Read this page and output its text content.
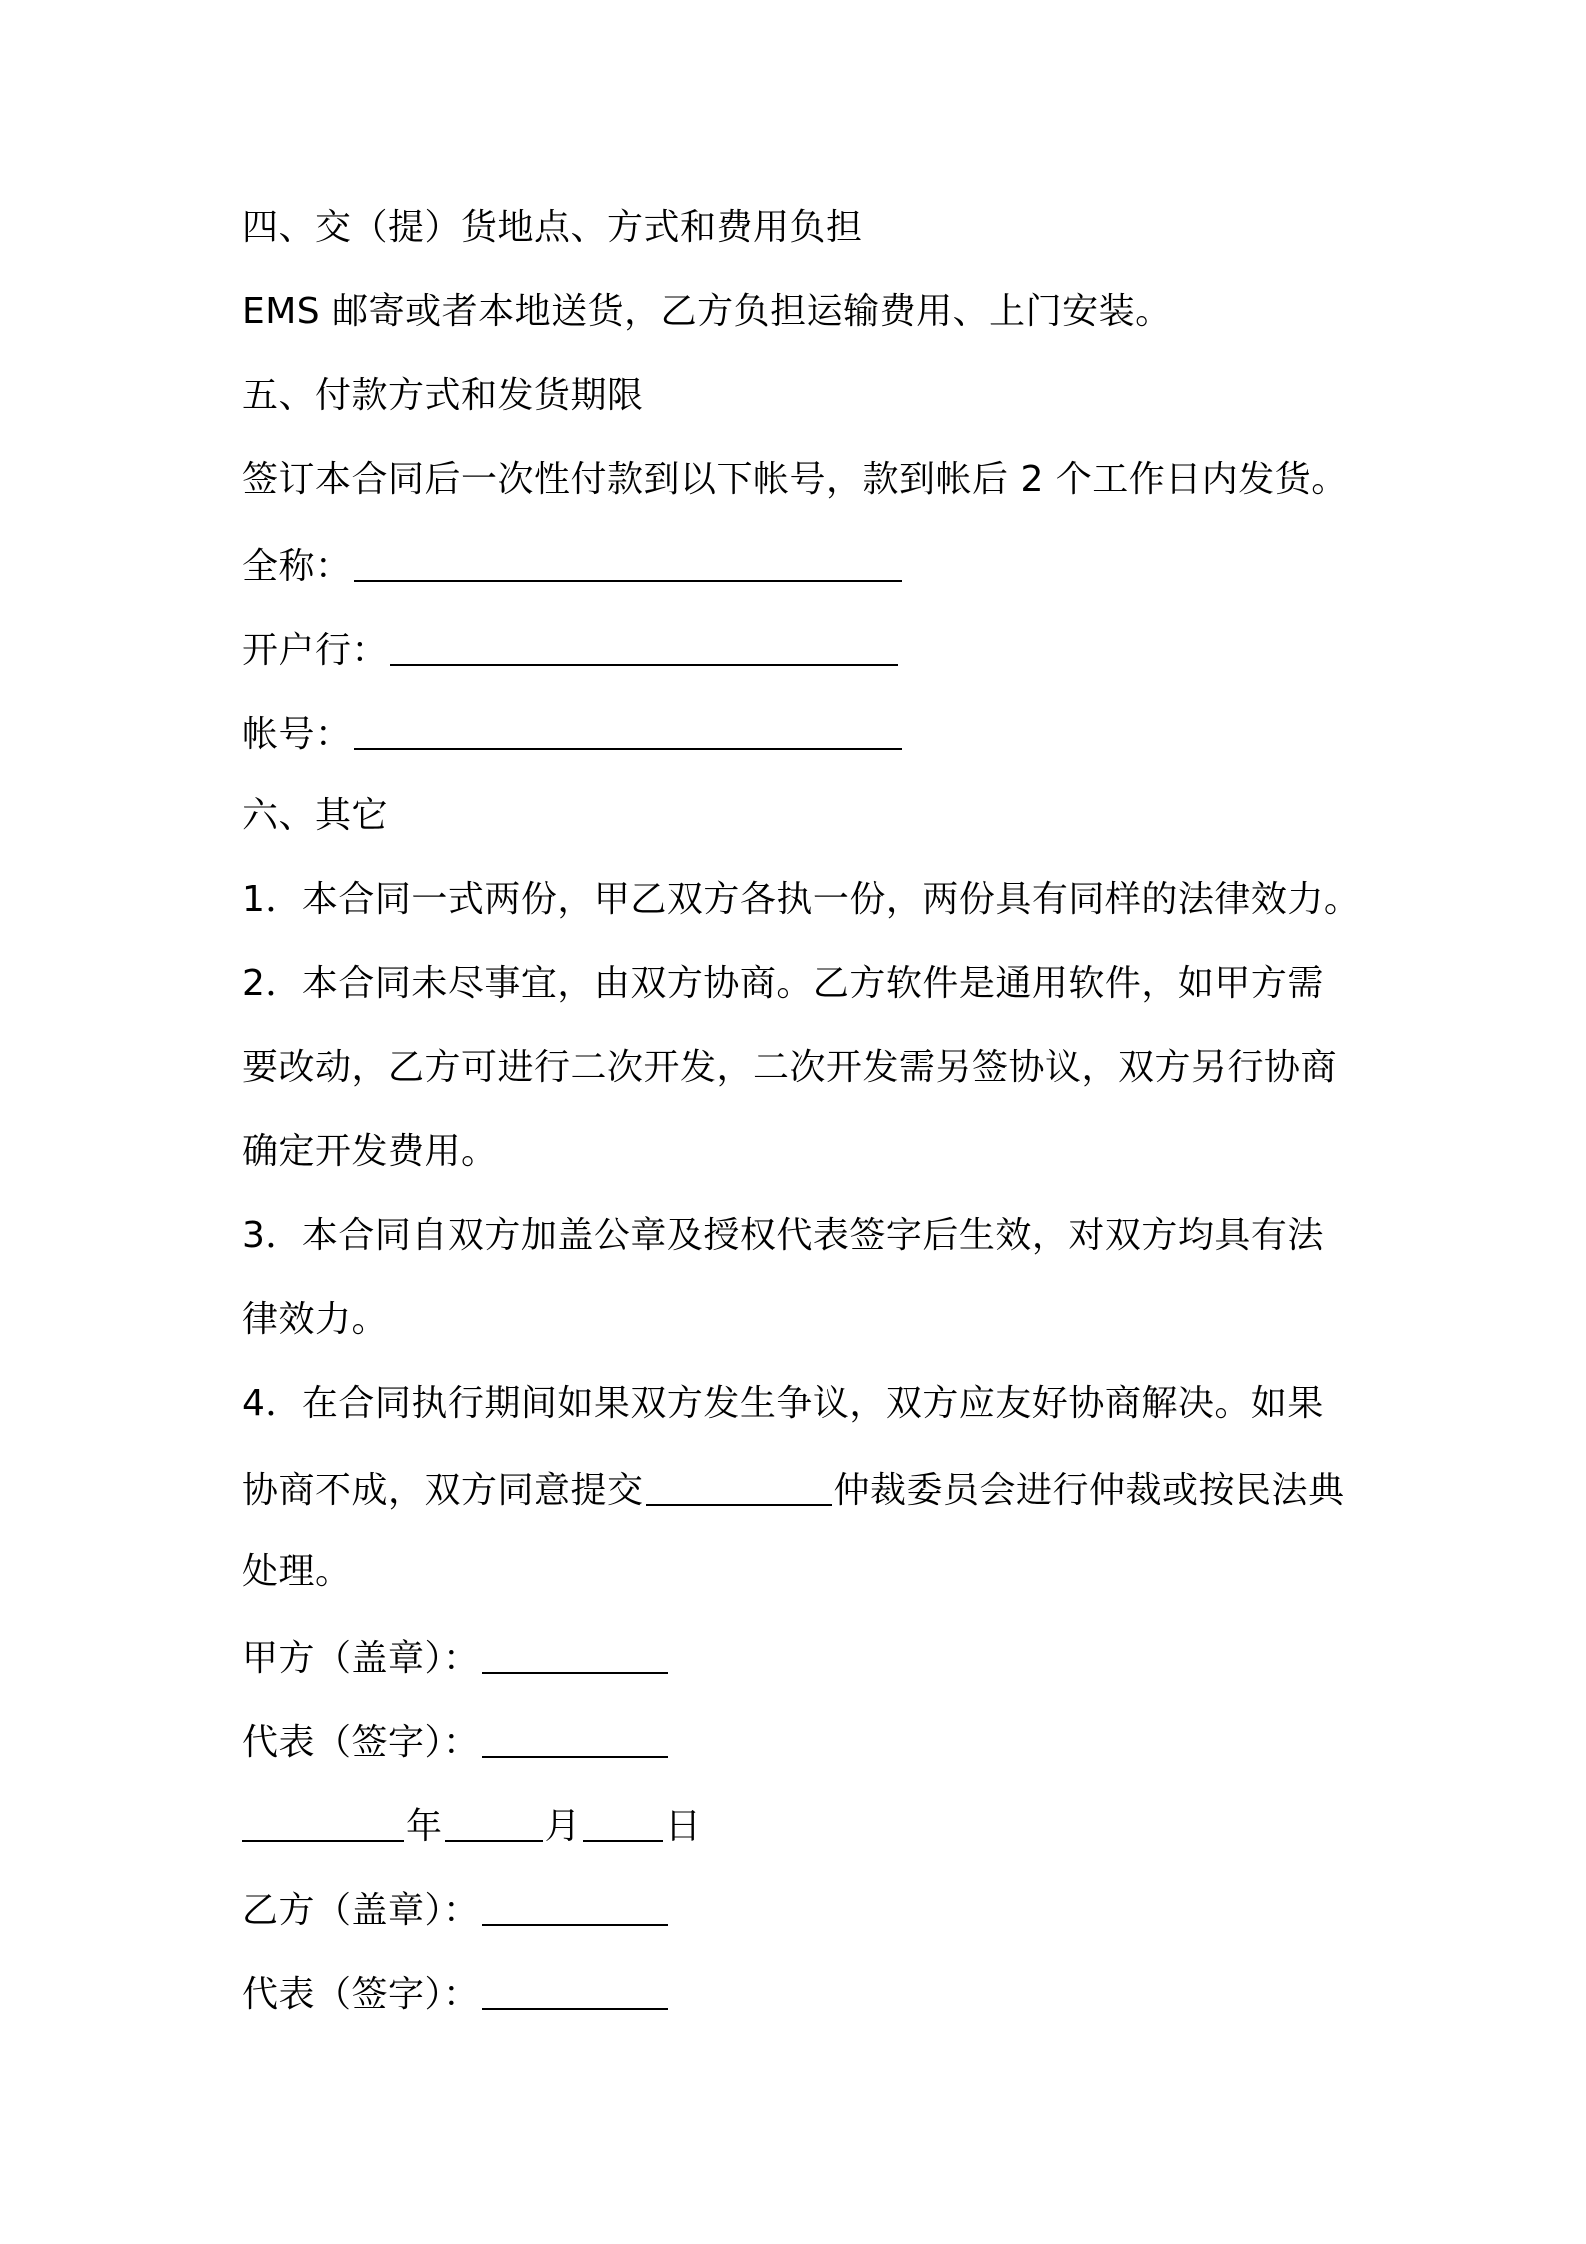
四、交（提）货地点、方式和费用负担
EMS 邮寄或者本地送货，乙方负担运输费用、上门安装。
五、付款方式和发货期限
签订本合同后一次性付款到以下帐号，款到帐后 2 个工作日内发货。
全称：
开户行：
帐号：
六、其它
1．本合同一式两份，甲乙双方各执一份，两份具有同样的法律效力。
2．本合同未尽事宜，由双方协商。乙方软件是通用软件，如甲方需
要改动，乙方可进行二次开发，二次开发需另签协议，双方另行协商
确定开发费用。
3．本合同自双方加盖公章及授权代表签字后生效，对双方均具有法
律效力。
4．在合同执行期间如果双方发生争议，双方应友好协商解决。如果
协商不成，双方同意提交	仲裁委员会进行仲裁或按民法典
处理。
甲方（盖章）：
代表（签字）：
年	月 日
乙方（盖章）：
代表（签字）：
